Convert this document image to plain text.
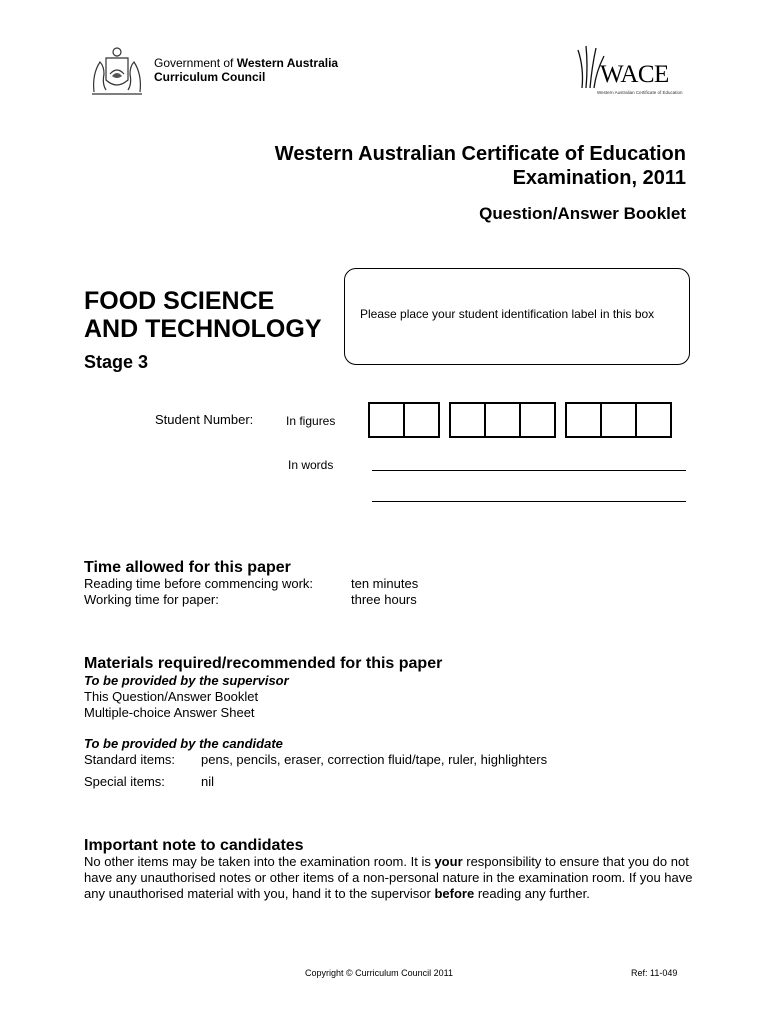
Government of Western Australia
Curriculum Council	WACE
Western Australian Certificate of Education
Western Australian Certificate of Education
Examination, 2011
Question/Answer Booklet
FOOD SCIENCE
AND TECHNOLOGY
Stage 3
Please place your student identification label in this box
Student Number:	In figures
In words
Time allowed for this paper
Reading time before commencing work:	ten minutes
Working time for paper:	three hours
Materials required/recommended for this paper
To be provided by the supervisor
This Question/Answer Booklet
Multiple-choice Answer Sheet
To be provided by the candidate
Standard items: pens, pencils, eraser, correction fluid/tape, ruler, highlighters
Special items:	nil
Important note to candidates
No other items may be taken into the examination room. It is your responsibility to ensure that you do not have any unauthorised notes or other items of a non-personal nature in the examination room. If you have any unauthorised material with you, hand it to the supervisor before reading any further.
Copyright © Curriculum Council 2011	Ref: 11-049
